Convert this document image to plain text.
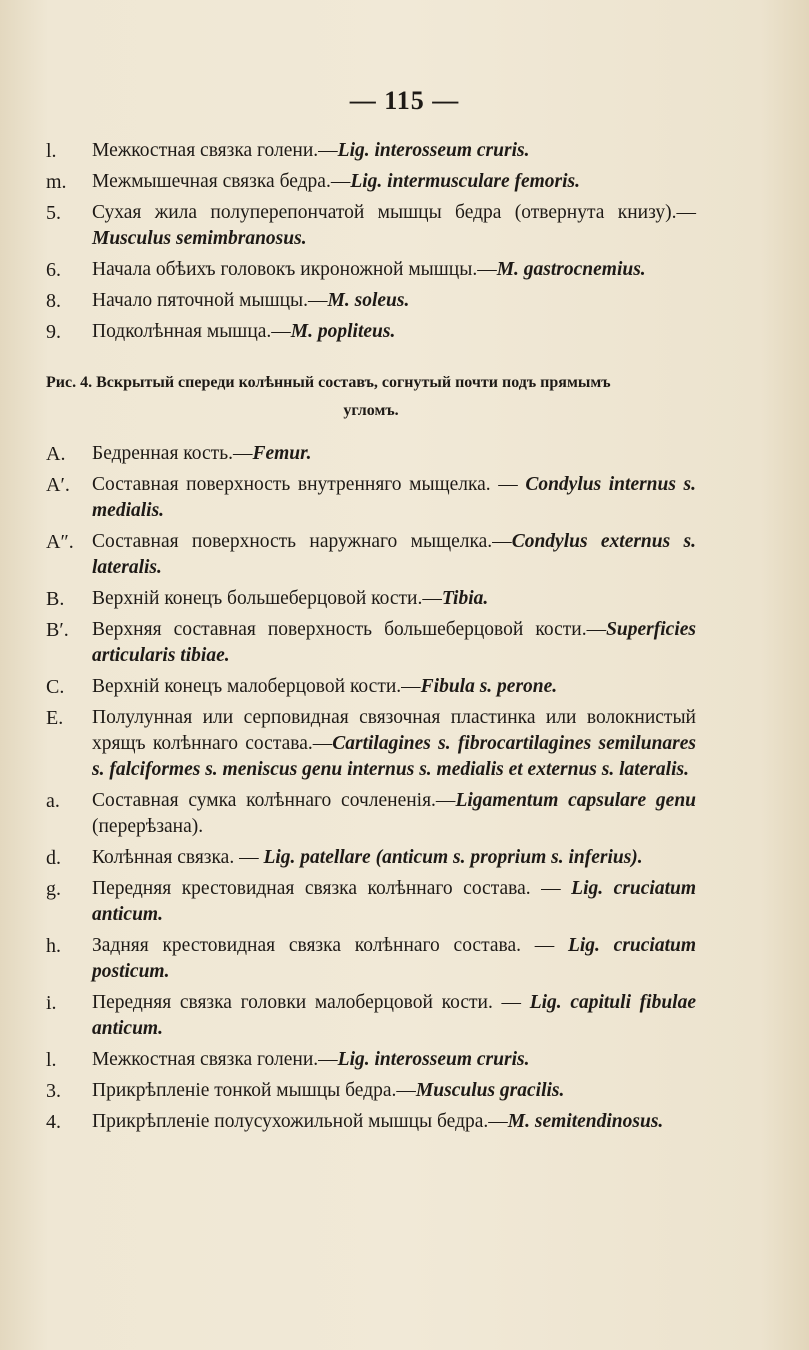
— 115 —
l.	Межкостная связка голени.—Lig. interosseum cruris.
m.	Межмышечная связка бедра.—Lig. intermusculare femoris.
5.	Сухая жила полуперепончатой мышцы бедра (отвернута книзу).—Musculus semimbranosus.
6.	Начала обѣихъ головокъ икроножной мышцы.—M. gastrocnemius.
8.	Начало пяточной мышцы.—M. soleus.
9.	Подколѣнная мышца.—M. popliteus.
Рис. 4. Вскрытый спереди колѣнный составъ, согнутый почти подъ прямымъ
угломъ.
A.	Бедренная кость.—Femur.
A′.	Составная поверхность внутренняго мыщелка. — Condylus internus s. medialis.
A″. Составная поверхность наружнаго мыщелка.—Condylus externus s. lateralis.
B.	Верхній конецъ большеберцовой кости.—Tibia.
B′.	Верхняя составная поверхность большеберцовой кости.—Superficies articularis tibiae.
C.	Верхній конецъ малоберцовой кости.—Fibula s. perone.
E.	Полулунная или серповидная связочная пластинка или волокнистый хрящъ колѣннаго состава.—Cartilagines s. fibrocartilagines semilunares s. falciformes s. meniscus genu internus s. medialis et externus s. lateralis.
a.	Составная сумка колѣннаго сочлененія.—Ligamentum capsulare genu (перерѣзана).
d.	Колѣнная связка. — Lig. patellare (anticum s. proprium s. inferius).
g.	Передняя крестовидная связка колѣннаго состава. — Lig. cruciatum anticum.
h.	Задняя крестовидная связка колѣннаго состава. — Lig. cruciatum posticum.
i.	Передняя связка головки малоберцовой кости. — Lig. capituli fibulae anticum.
l.	Межкостная связка голени.—Lig. interosseum cruris.
3.	Прикрѣпленіе тонкой мышцы бедра.—Musculus gracilis.
4.	Прикрѣпленіе полусухожильной мышцы бедра.—M. semitendinosus.
